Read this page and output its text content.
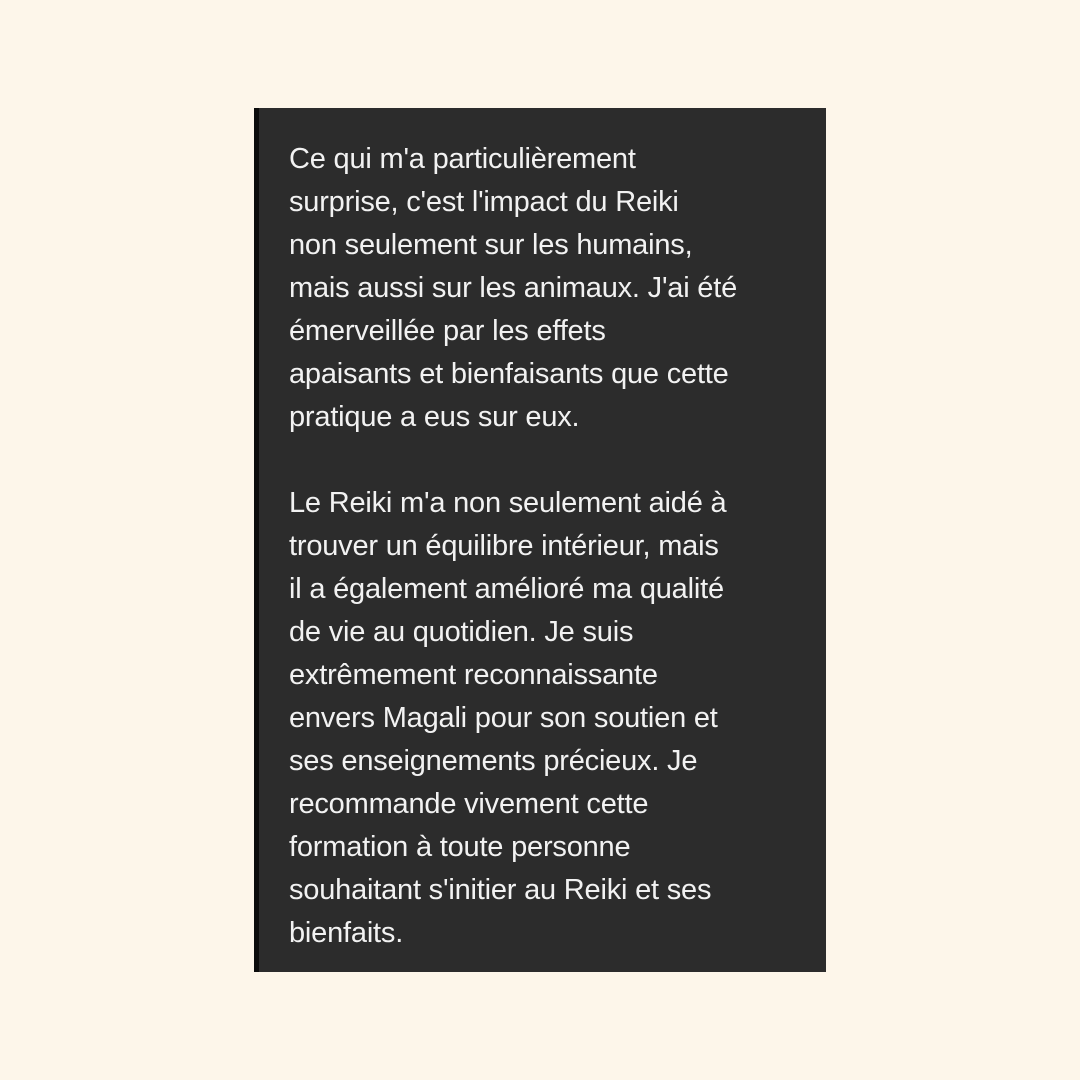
Ce qui m'a particulièrement
surprise, c'est l'impact du Reiki
non seulement sur les humains,
mais aussi sur les animaux. J'ai été
émerveillée par les effets
apaisants et bienfaisants que cette
pratique a eus sur eux.

Le Reiki m'a non seulement aidé à
trouver un équilibre intérieur, mais
il a également amélioré ma qualité
de vie au quotidien. Je suis
extrêmement reconnaissante
envers Magali pour son soutien et
ses enseignements précieux. Je
recommande vivement cette
formation à toute personne
souhaitant s'initier au Reiki et ses
bienfaits.
